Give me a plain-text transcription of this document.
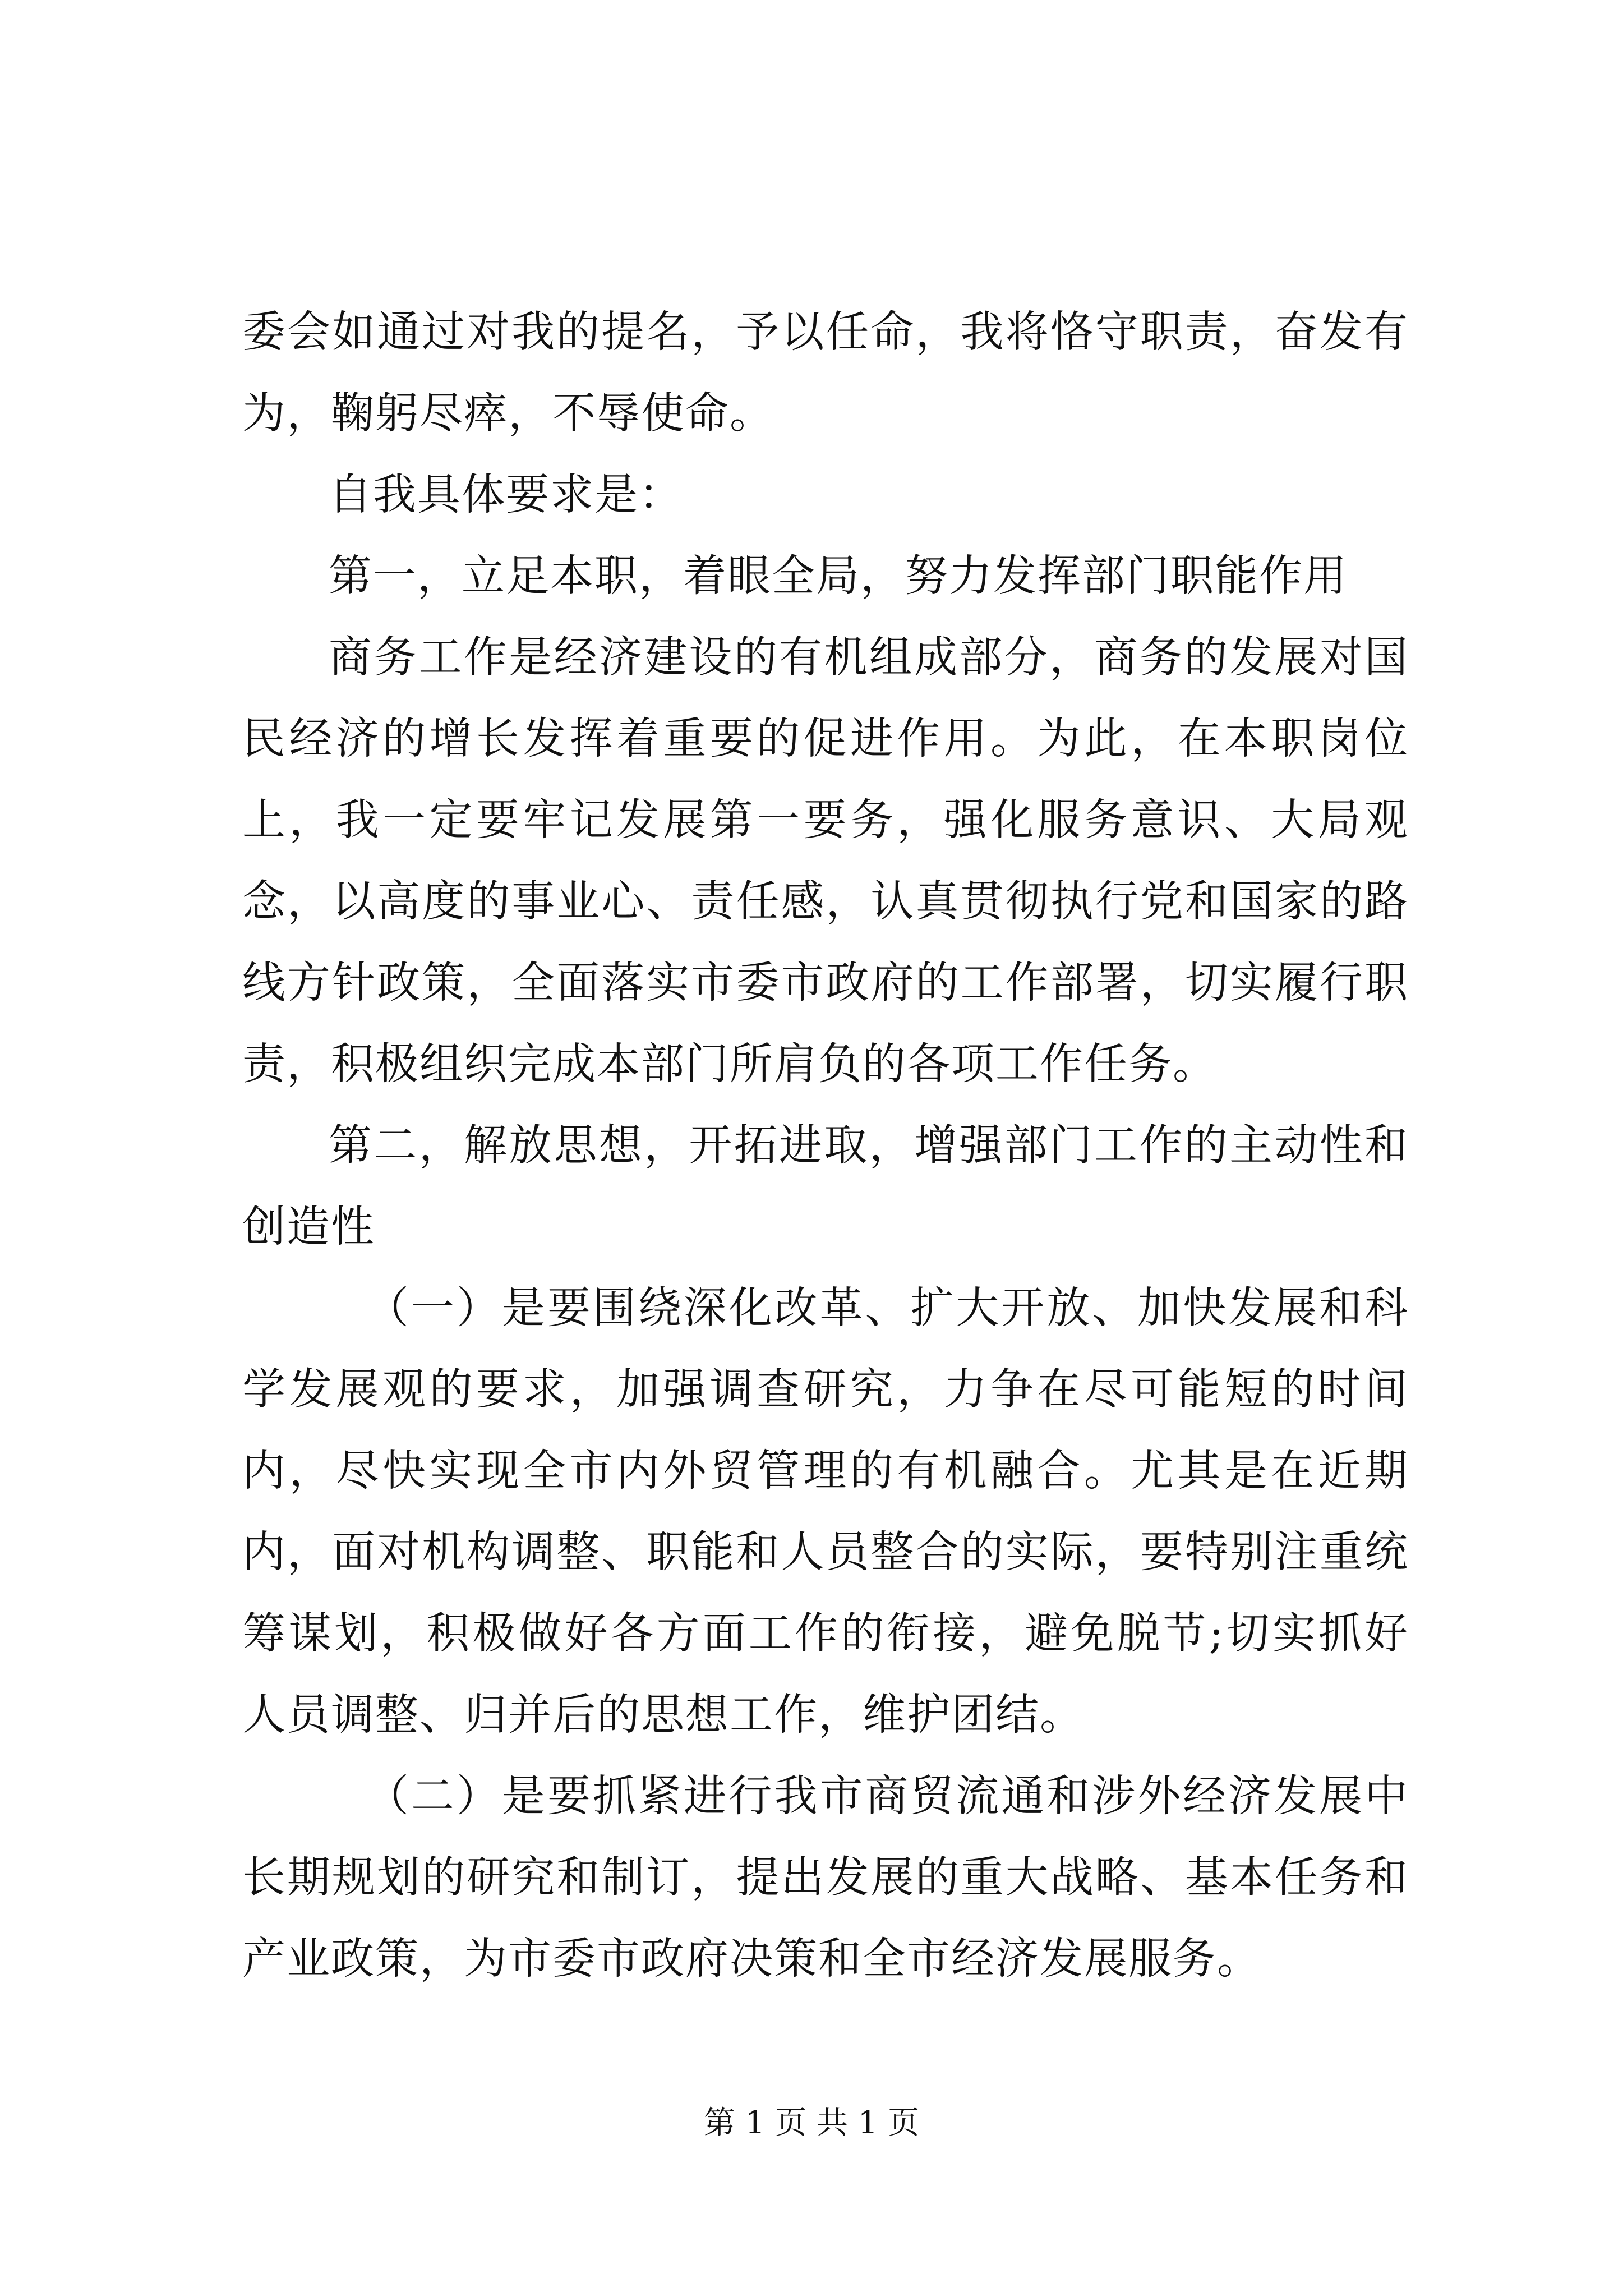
委会如通过对我的提名，予以任命，我将恪守职责，奋发有为，鞠躬尽瘁，不辱使命。

自我具体要求是：

第一，立足本职，着眼全局，努力发挥部门职能作用

商务工作是经济建设的有机组成部分，商务的发展对国民经济的增长发挥着重要的促进作用。为此，在本职岗位上，我一定要牢记发展第一要务，强化服务意识、大局观念，以高度的事业心、责任感，认真贯彻执行党和国家的路线方针政策，全面落实市委市政府的工作部署，切实履行职责，积极组织完成本部门所肩负的各项工作任务。

第二，解放思想，开拓进取，增强部门工作的主动性和创造性

（一）是要围绕深化改革、扩大开放、加快发展和科学发展观的要求，加强调查研究，力争在尽可能短的时间内，尽快实现全市内外贸管理的有机融合。尤其是在近期内，面对机构调整、职能和人员整合的实际，要特别注重统筹谋划，积极做好各方面工作的衔接，避免脱节;切实抓好人员调整、归并后的思想工作，维护团结。

（二）是要抓紧进行我市商贸流通和涉外经济发展中长期规划的研究和制订，提出发展的重大战略、基本任务和产业政策，为市委市政府决策和全市经济发展服务。

第 1 页 共 1 页
